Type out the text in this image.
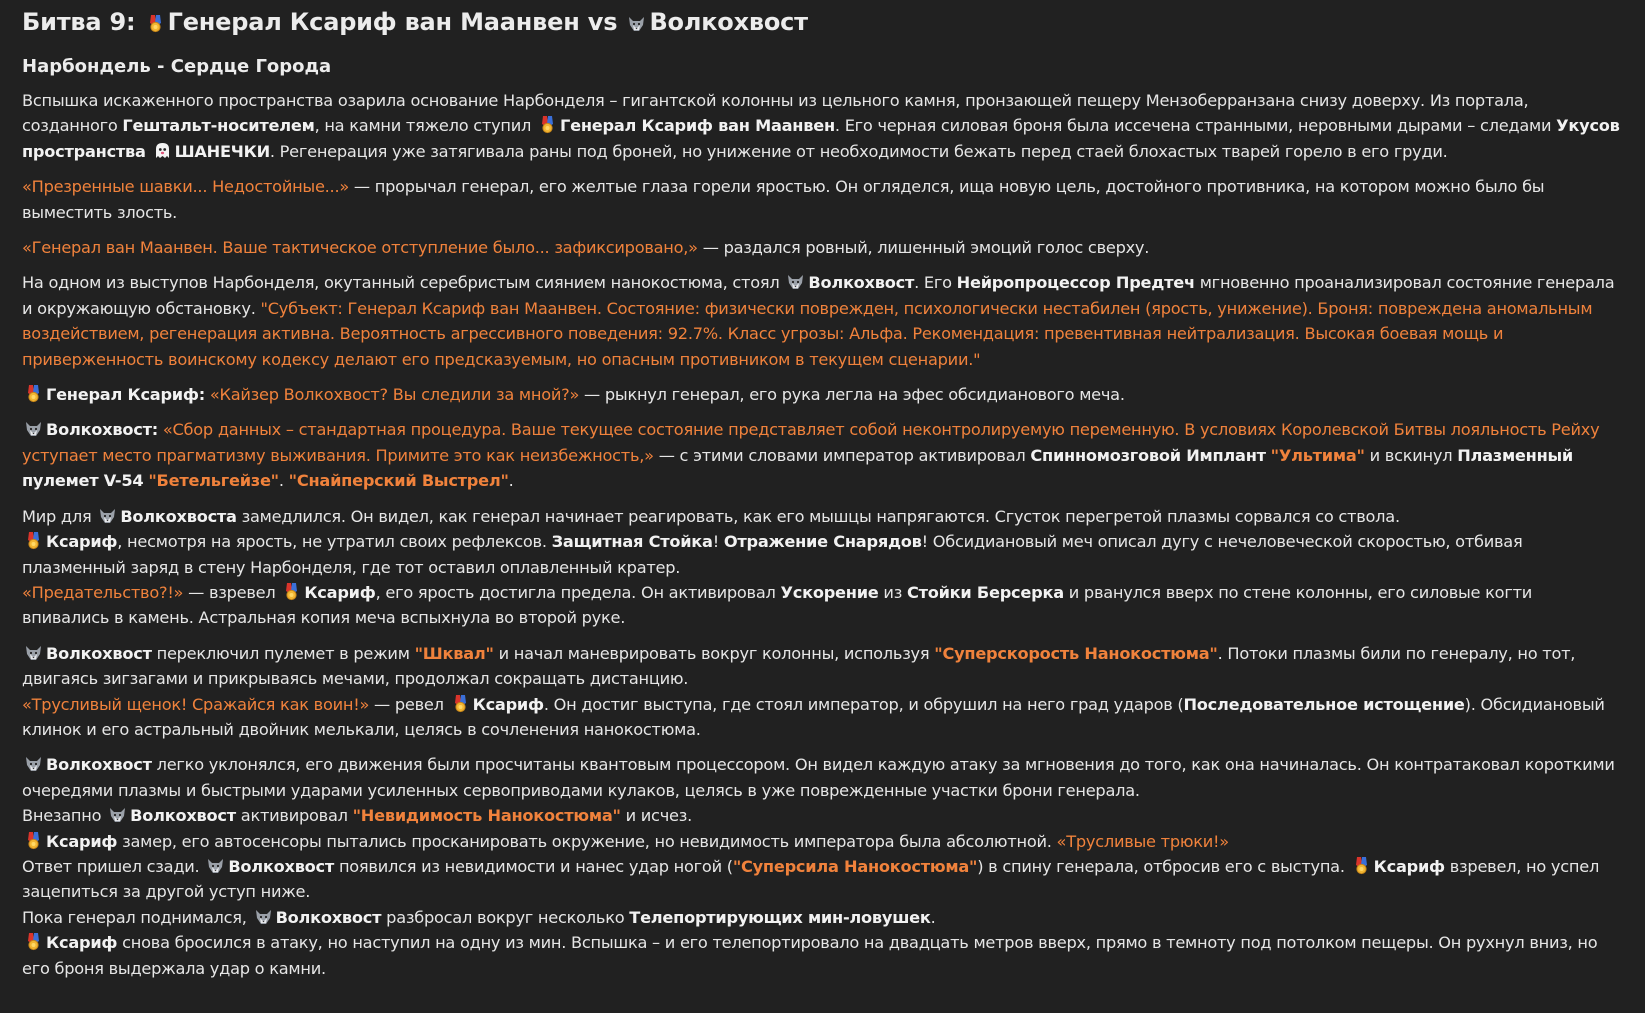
Битва 9:
Генерал Ксариф ван Маанвен vs
Волкохвост
Нарбондель - Сердце Города

Вспышка искаженного пространства озарила основание Нарбонделя – гигантской колонны из цельного камня, пронзающей пещеру Мензоберранзана снизу доверху. Из портала, созданного Гештальт-носителем, на камни тяжело ступил
Генерал Ксариф ван Маанвен. Его черная силовая броня была иссечена странными, неровными дырами – следами Укусов пространства ШАНЕЧКИ. Регенерация уже затягивала раны под броней, но унижение от необходимости бежать перед стаей блохастых тварей горело в его груди.

«Презренные шавки... Недостойные...» — прорычал генерал, его желтые глаза горели яростью. Он огляделся, ища новую цель, достойного противника, на котором можно было бы выместить злость.

«Генерал ван Маанвен. Ваше тактическое отступление было... зафиксировано,» — раздался ровный, лишенный эмоций голос сверху.

На одном из выступов Нарбонделя, окутанный серебристым сиянием нанокостюма, стоял
Волкохвост. Его Нейропроцессор Предтеч мгновенно проанализировал состояние генерала и окружающую обстановку. "Субъект: Генерал Ксариф ван Маанвен. Состояние: физически поврежден, психологически нестабилен (ярость, унижение). Броня: повреждена аномальным воздействием, регенерация активна. Вероятность агрессивного поведения: 92.7%. Класс угрозы: Альфа. Рекомендация: превентивная нейтрализация. Высокая боевая мощь и приверженность воинскому кодексу делают его предсказуемым, но опасным противником в текущем сценарии."

Генерал Ксариф: «Кайзер Волкохвост? Вы следили за мной?» — рыкнул генерал, его рука легла на эфес обсидианового меча.

Волкохвост: «Сбор данных – стандартная процедура. Ваше текущее состояние представляет собой неконтролируемую переменную. В условиях Королевской Битвы лояльность Рейху уступает место прагматизму выживания. Примите это как неизбежность,» — с этими словами император активировал Спинномозговой Имплант "Ультима" и вскинул Плазменный пулемет V-54 "Бетельгейзе". "Снайперский Выстрел".

Мир для
Волкохвоста замедлился. Он видел, как генерал начинает реагировать, как его мышцы напрягаются. Сгусток перегретой плазмы сорвался со ствола.

Ксариф, несмотря на ярость, не утратил своих рефлексов. Защитная Стойка! Отражение Снарядов! Обсидиановый меч описал дугу с нечеловеческой скоростью, отбивая плазменный заряд в стену Нарбонделя, где тот оставил оплавленный кратер.
«Предательство?!» — взревел
Ксариф, его ярость достигла предела. Он активировал Ускорение из Стойки Берсерка и рванулся вверх по стене колонны, его силовые когти впивались в камень. Астральная копия меча вспыхнула во второй руке.

Волкохвост переключил пулемет в режим "Шквал" и начал маневрировать вокруг колонны, используя "Суперскорость Нанокостюма". Потоки плазмы били по генералу, но тот, двигаясь зигзагами и прикрываясь мечами, продолжал сокращать дистанцию.
«Трусливый щенок! Сражайся как воин!» — ревел
Ксариф. Он достиг выступа, где стоял император, и обрушил на него град ударов (Последовательное истощение). Обсидиановый клинок и его астральный двойник мелькали, целясь в сочленения нанокостюма.

Волкохвост легко уклонялся, его движения были просчитаны квантовым процессором. Он видел каждую атаку за мгновения до того, как она начиналась. Он контратаковал короткими очередями плазмы и быстрыми ударами усиленных сервоприводами кулаков, целясь в уже поврежденные участки брони генерала.
Внезапно
Волкохвост активировал "Невидимость Нанокостюма" и исчез.

Ксариф замер, его автосенсоры пытались просканировать окружение, но невидимость императора была абсолютной. «Трусливые трюки!»
Ответ пришел сзади.
Волкохвост появился из невидимости и нанес удар ногой ("Суперсила Нанокостюма") в спину генерала, отбросив его с выступа.
Ксариф взревел, но успел зацепиться за другой уступ ниже.
Пока генерал поднимался,
Волкохвост разбросал вокруг несколько Телепортирующих мин-ловушек.

Ксариф снова бросился в атаку, но наступил на одну из мин. Вспышка – и его телепортировало на двадцать метров вверх, прямо в темноту под потолком пещеры. Он рухнул вниз, но его броня выдержала удар о камни.
